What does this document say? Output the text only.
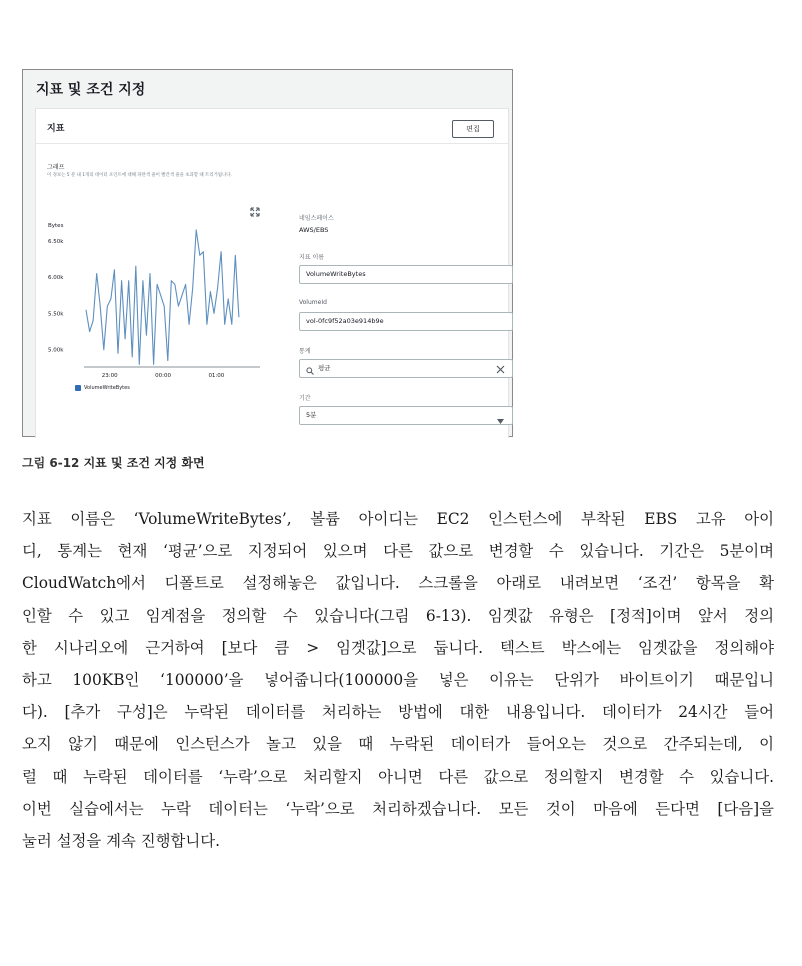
지표 및 조건 지정
지표	편집
그래프
이 경보는 5 분 내 1개의 데이터 포인트에 대해 파란색 줄이 빨간색 줄을 초과할 때 트리거됩니다.
Bytes
5.00k
5.50k
6.00k
6.50k
23:00	00:00	01:00
VolumeWriteBytes
네임스페이스
AWS/EBS
지표 이름
VolumeWriteBytes
VolumeId
vol-0fc9f52a03e914b9e
통계
평균
기간
5분
그림 6-12 지표 및 조건 지정 화면

지표 이름은 ‘VolumeWriteBytes’, 볼륨 아이디는 EC2 인스턴스에 부착된 EBS 고유 아이

디, 통계는 현재 ‘평균’으로 지정되어 있으며 다른 값으로 변경할 수 있습니다. 기간은 5분이며

CloudWatch에서 디폴트로 설정해놓은 값입니다. 스크롤을 아래로 내려보면 ‘조건’ 항목을 확

인할 수 있고 임계점을 정의할 수 있습니다(그림 6-13). 임곗값 유형은 [정적]이며 앞서 정의

한 시나리오에 근거하여 [보다 큼 > 임곗값]으로 둡니다. 텍스트 박스에는 임곗값을 정의해야

하고 100KB인 ‘100000’을 넣어줍니다(100000을 넣은 이유는 단위가 바이트이기 때문입니

다). [추가 구성]은 누락된 데이터를 처리하는 방법에 대한 내용입니다. 데이터가 24시간 들어

오지 않기 때문에 인스턴스가 놀고 있을 때 누락된 데이터가 들어오는 것으로 간주되는데, 이

럴 때 누락된 데이터를 ‘누락’으로 처리할지 아니면 다른 값으로 정의할지 변경할 수 있습니다.

이번 실습에서는 누락 데이터는 ‘누락’으로 처리하겠습니다. 모든 것이 마음에 든다면 [다음]을

눌러 설정을 계속 진행합니다.
